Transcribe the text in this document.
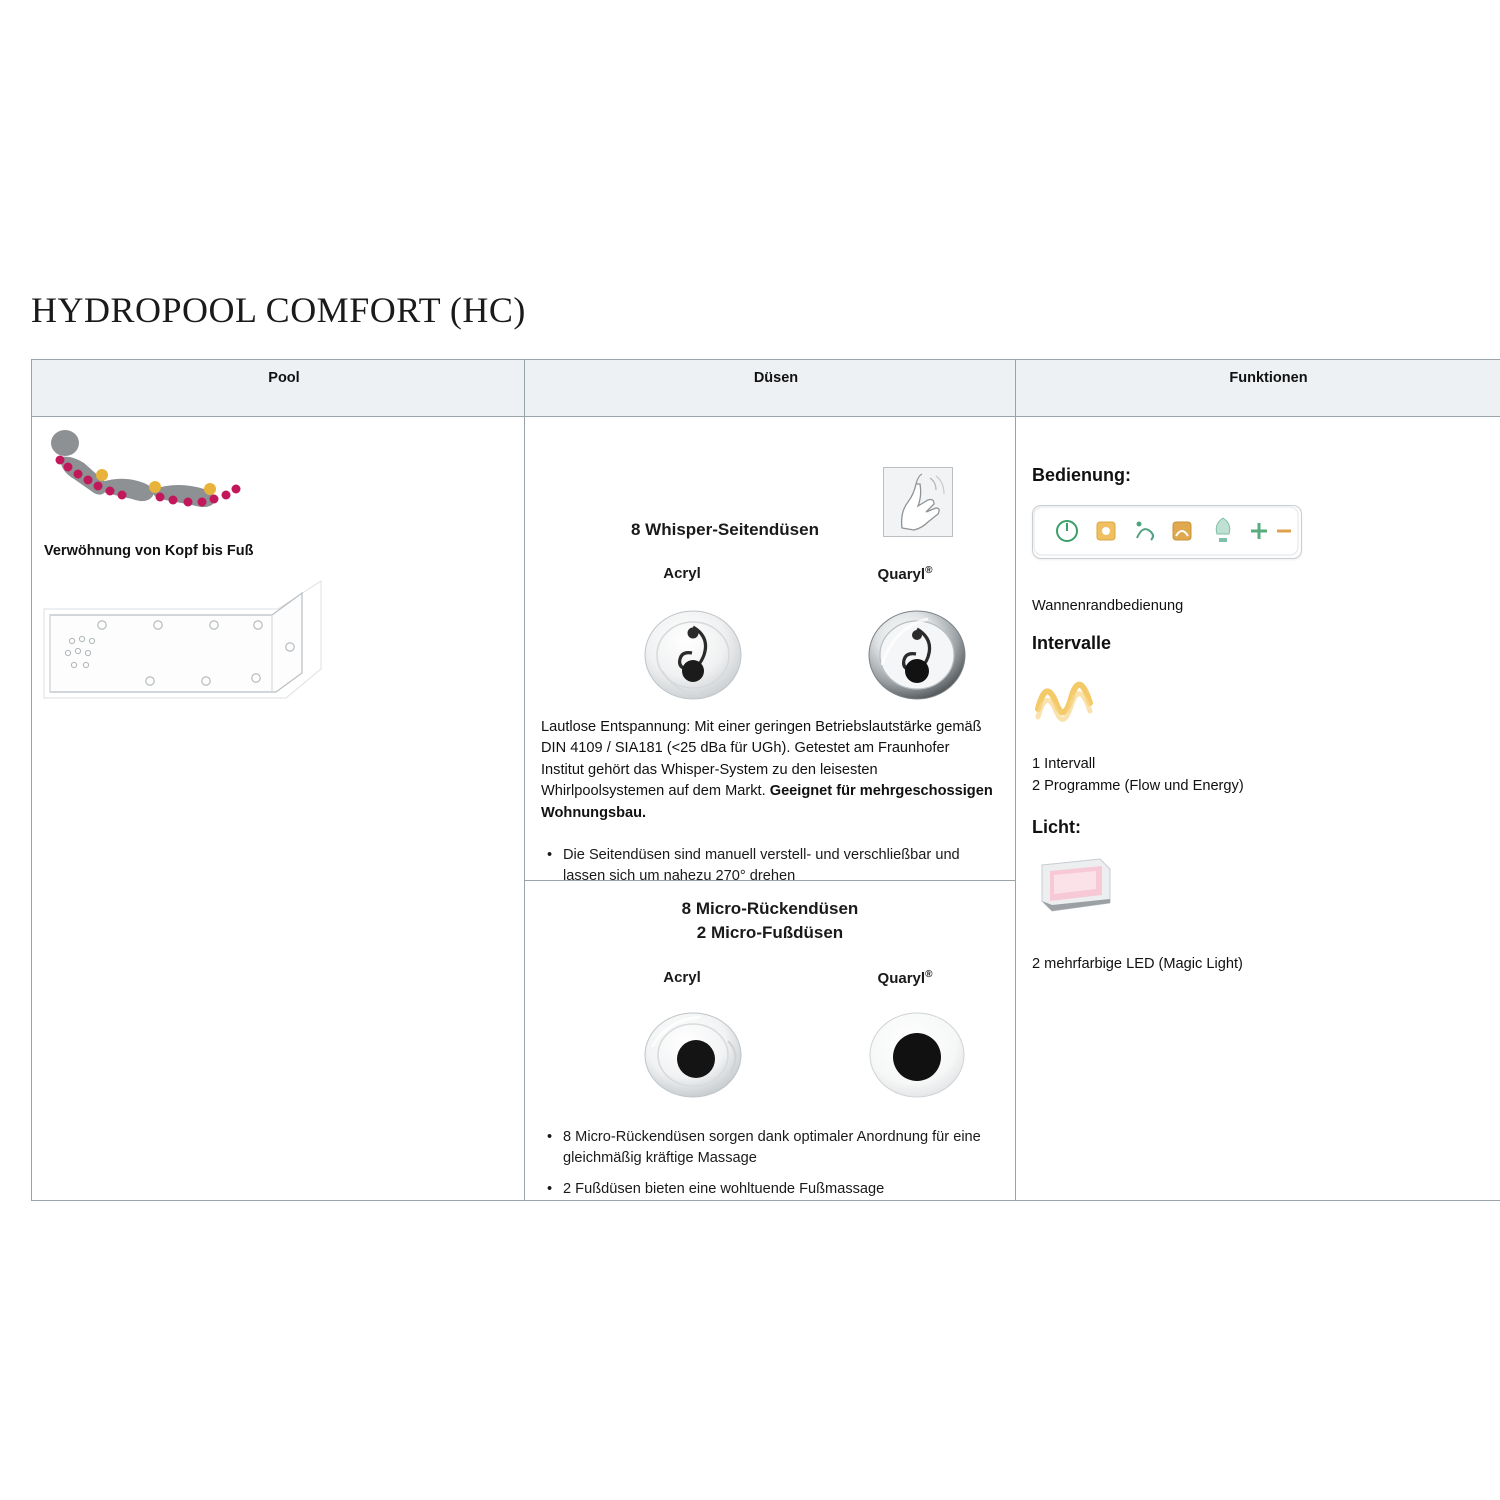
HYDROPOOL COMFORT (HC)
Pool	Düsen	Funktionen

Verwöhnung von Kopf bis Fuß

8 Whisper-Seitendüsen
Acryl	Quaryl®
Lautlose Entspannung: Mit einer geringen Betriebslautstärke gemäß DIN 4109 / SIA181 (<25 dBa für UGh). Getestet am Fraunhofer Institut gehört das Whisper-System zu den leisesten Whirlpoolsystemen auf dem Markt. Geeignet für mehrgeschossigen Wohnungsbau.
• Die Seitendüsen sind manuell verstell- und verschließbar und lassen sich um nahezu 270° drehen
8 Micro-Rückendüsen
2 Micro-Fußdüsen
Acryl	Quaryl®
• 8 Micro-Rückendüsen sorgen dank optimaler Anordnung für eine gleichmäßig kräftige Massage
• 2 Fußdüsen bieten eine wohltuende Fußmassage

Bedienung:
Wannenrandbedienung
Intervalle
1 Intervall
2 Programme (Flow und Energy)
Licht:
2 mehrfarbige LED (Magic Light)
